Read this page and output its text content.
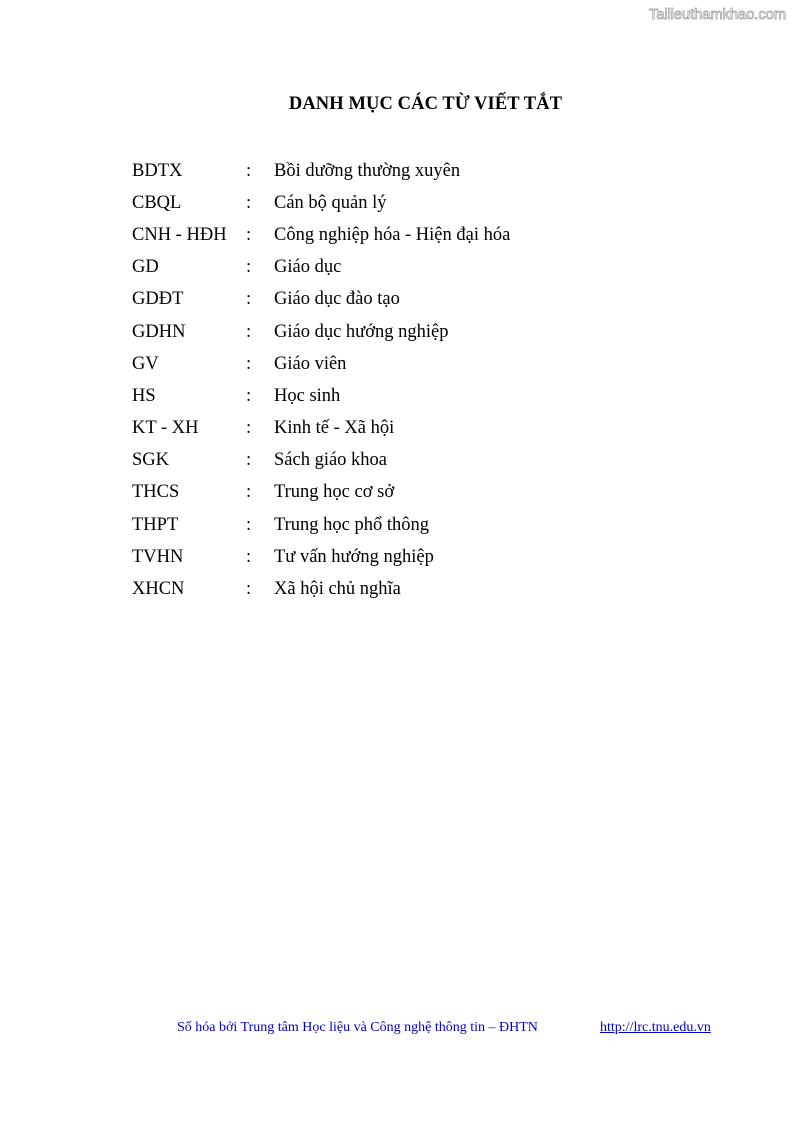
Tailieuthamkhao.com
DANH MỤC CÁC TỪ VIẾT TẮT
BDTX	:	Bồi dưỡng thường xuyên
CBQL	:	Cán bộ quản lý
CNH - HĐH	:	Công nghiệp hóa - Hiện đại hóa
GD	:	Giáo dục
GDĐT	:	Giáo dục đào tạo
GDHN	:	Giáo dục hướng nghiệp
GV	:	Giáo viên
HS	:	Học sinh
KT - XH	:	Kinh tế - Xã hội
SGK	:	Sách giáo khoa
THCS	:	Trung học cơ sở
THPT	:	Trung học phổ thông
TVHN	:	Tư vấn hướng nghiệp
XHCN	:	Xã hội chủ nghĩa
Số hóa bởi Trung tâm Học liệu và Công nghệ thông tin – ĐHTN	http://lrc.tnu.edu.vn
